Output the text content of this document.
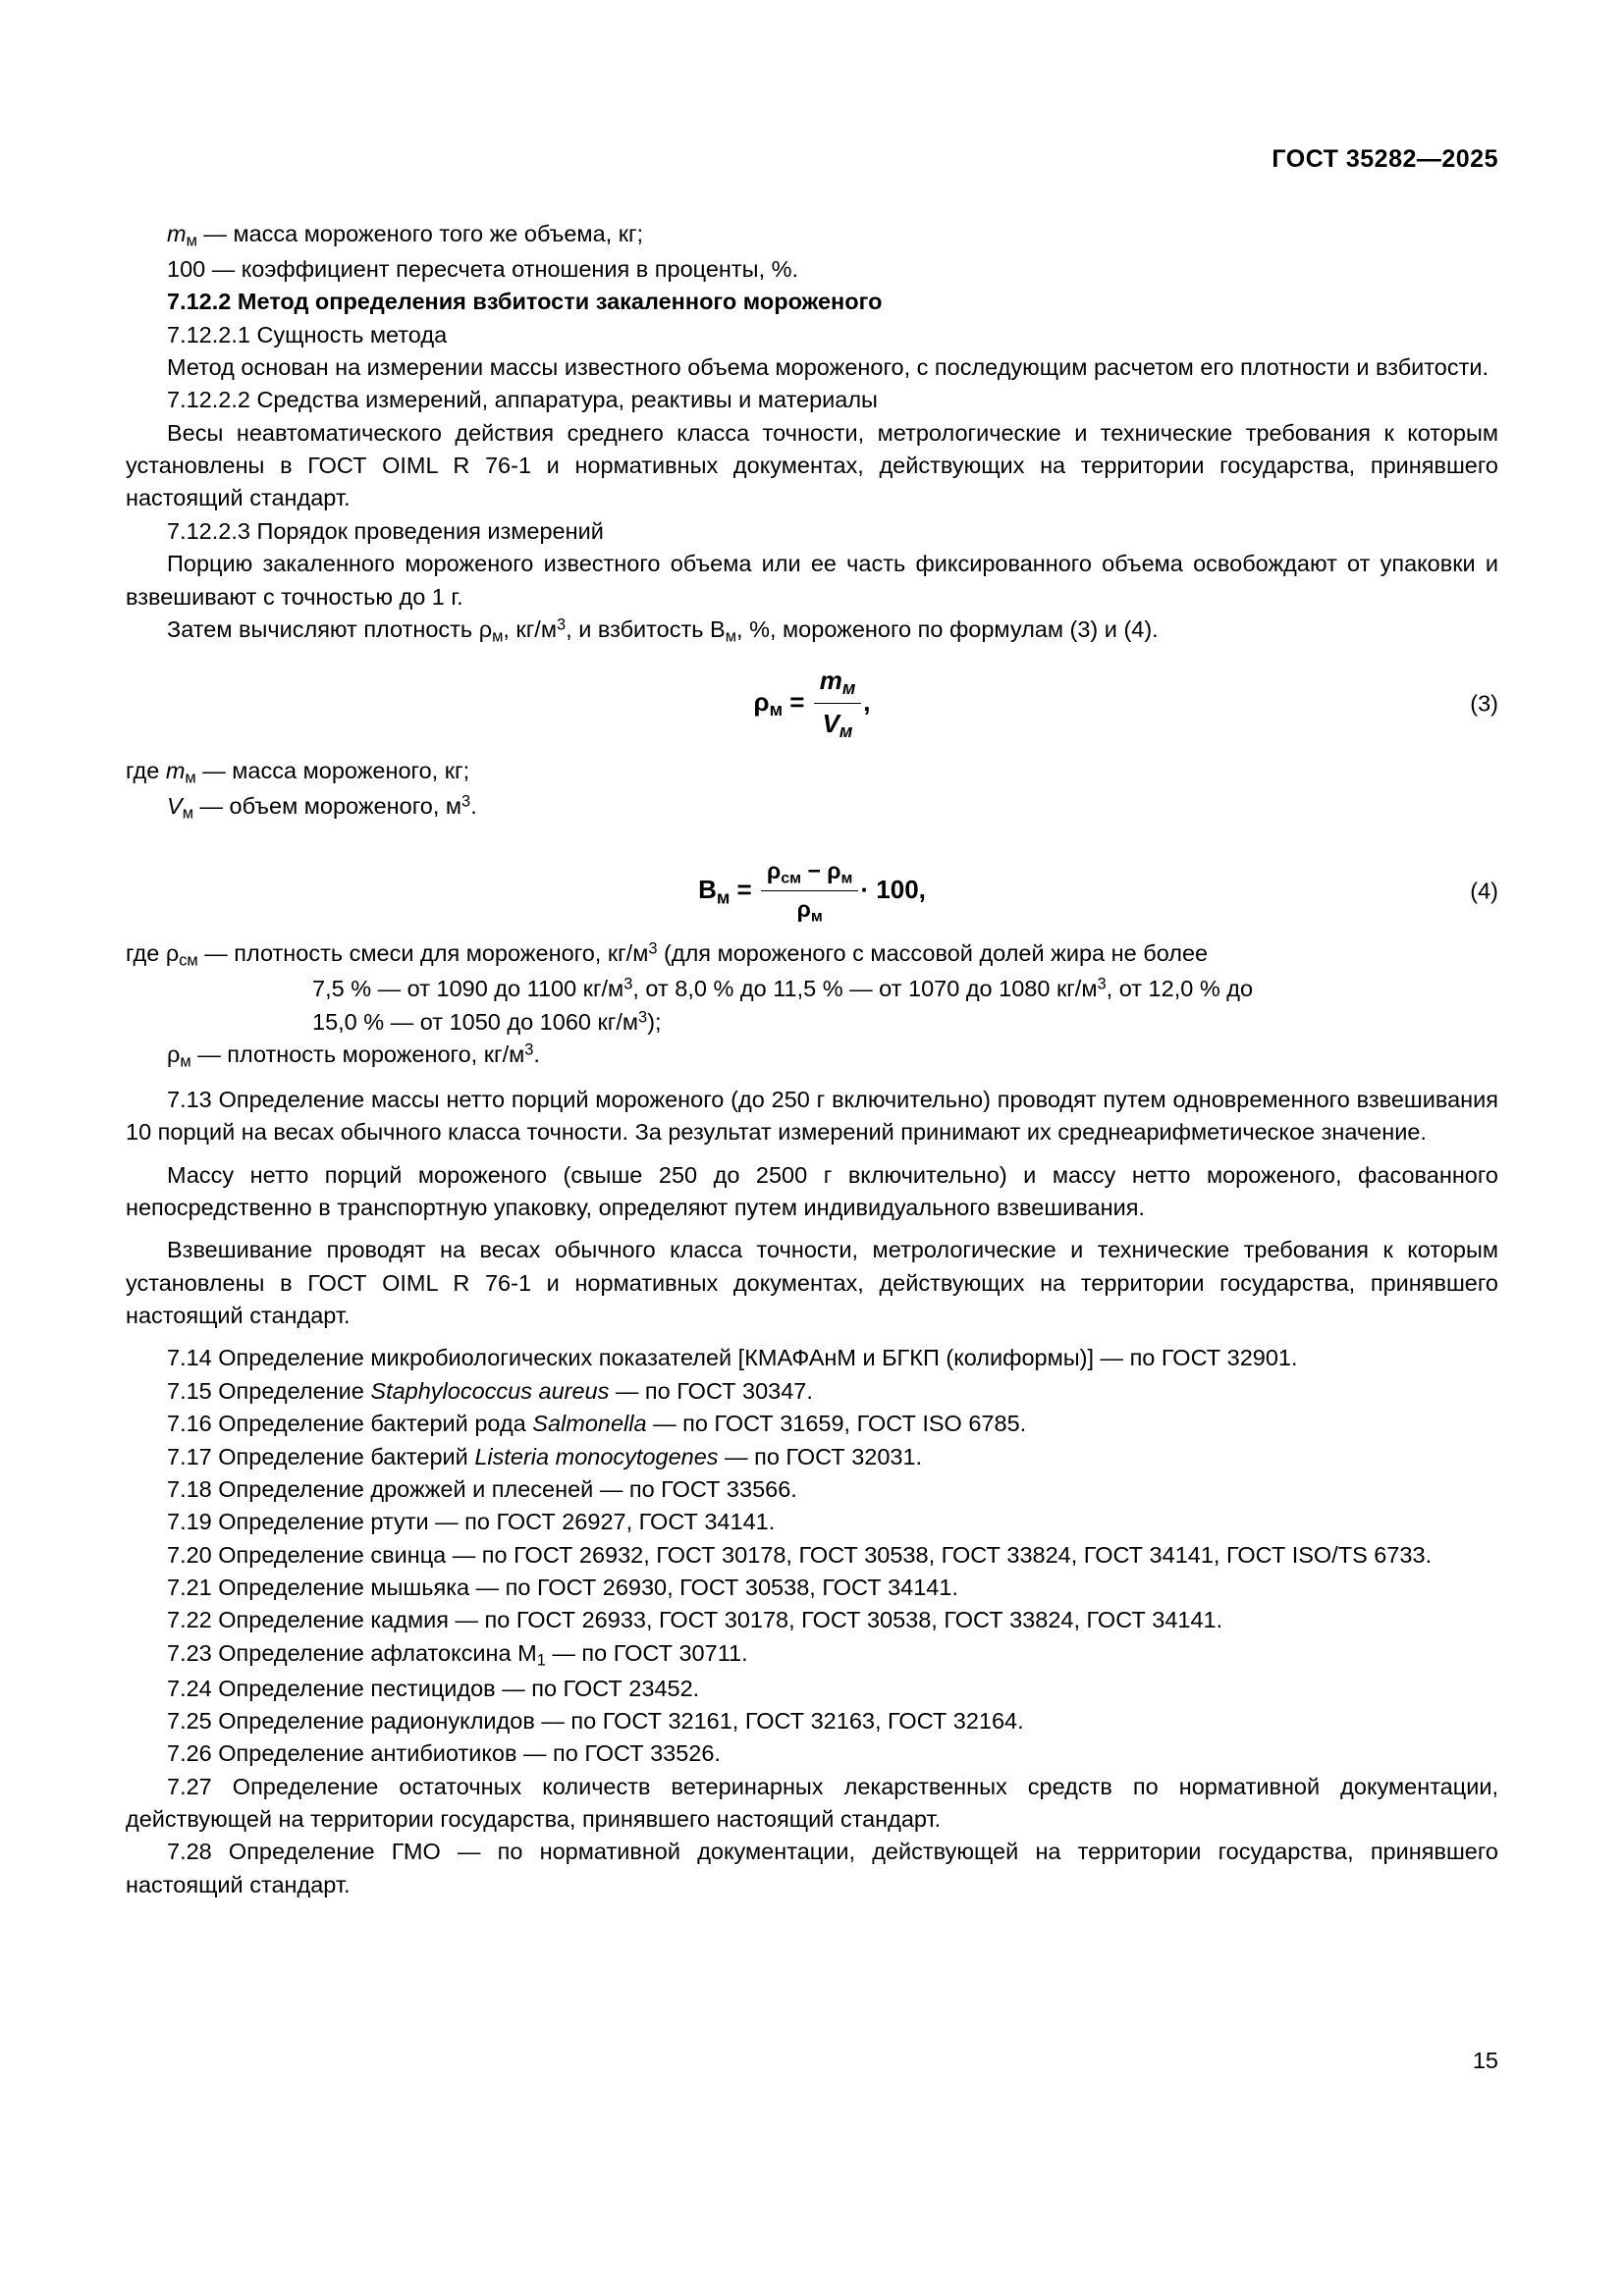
ГОСТ 35282—2025

$m_м$ — масса мороженого того же объема, кг;

100 — коэффициент пересчета отношения в проценты, %.

7.12.2 Метод определения взбитости закаленного мороженого

7.12.2.1 Сущность метода

Метод основан на измерении массы известного объема мороженого, с последующим расчетом его плотности и взбитости.

7.12.2.2 Средства измерений, аппаратура, реактивы и материалы

Весы неавтоматического действия среднего класса точности, метрологические и технические требования к которым установлены в ГОСТ OIML R 76-1 и нормативных документах, действующих на территории государства, принявшего настоящий стандарт.

7.12.2.3 Порядок проведения измерений

Порцию закаленного мороженого известного объема или ее часть фиксированного объема освобождают от упаковки и взвешивают с точностью до 1 г.

Затем вычисляют плотность $\rho_м$, $кг/м^3$, и взбитость $В_м$, %, мороженого по формулам (3) и (4).

$\rho_м = \frac{m_м}{V_м}$ ,	(3)

где $m_м$ — масса мороженого, кг;

$V_м$ — объем мороженого, $м^3$.

$В_м = \frac{\rho_{см} - \rho_м}{\rho_м} \cdot 100$,	(4)

где $\rho_{см}$ — плотность смеси для мороженого, $кг/м^3$ (для мороженого с массовой долей жира не более

7,5 % — от 1090 до 1100 $кг/м^3$, от 8,0 % до 11,5 % — от 1070 до 1080 $кг/м^3$, от 12,0 % до

15,0 % — от 1050 до 1060 $кг/м^3$);

$\rho_м$ — плотность мороженого, $кг/м^3$.

7.13 Определение массы нетто порций мороженого (до 250 г включительно) проводят путем одновременного взвешивания 10 порций на весах обычного класса точности. За результат измерений принимают их среднеарифметическое значение.

Массу нетто порций мороженого (свыше 250 до 2500 г включительно) и массу нетто мороженого, фасованного непосредственно в транспортную упаковку, определяют путем индивидуального взвешивания.

Взвешивание проводят на весах обычного класса точности, метрологические и технические требования к которым установлены в ГОСТ OIML R 76-1 и нормативных документах, действующих на территории государства, принявшего настоящий стандарт.

7.14 Определение микробиологических показателей [КМАФАнМ и БГКП (колиформы)] — по ГОСТ 32901.

7.15 Определение Staphylococcus aureus — по ГОСТ 30347.

7.16 Определение бактерий рода Salmonella — по ГОСТ 31659, ГОСТ ISO 6785.

7.17 Определение бактерий Listeria monocytogenes — по ГОСТ 32031.

7.18 Определение дрожжей и плесеней — по ГОСТ 33566.

7.19 Определение ртути — по ГОСТ 26927, ГОСТ 34141.

7.20 Определение свинца — по ГОСТ 26932, ГОСТ 30178, ГОСТ 30538, ГОСТ 33824, ГОСТ 34141, ГОСТ ISO/TS 6733.

7.21 Определение мышьяка — по ГОСТ 26930, ГОСТ 30538, ГОСТ 34141.

7.22 Определение кадмия — по ГОСТ 26933, ГОСТ 30178, ГОСТ 30538, ГОСТ 33824, ГОСТ 34141.

7.23 Определение афлатоксина $М_1$ — по ГОСТ 30711.

7.24 Определение пестицидов — по ГОСТ 23452.

7.25 Определение радионуклидов — по ГОСТ 32161, ГОСТ 32163, ГОСТ 32164.

7.26 Определение антибиотиков — по ГОСТ 33526.

7.27 Определение остаточных количеств ветеринарных лекарственных средств по нормативной документации, действующей на территории государства, принявшего настоящий стандарт.

7.28 Определение ГМО — по нормативной документации, действующей на территории государства, принявшего настоящий стандарт.

15
